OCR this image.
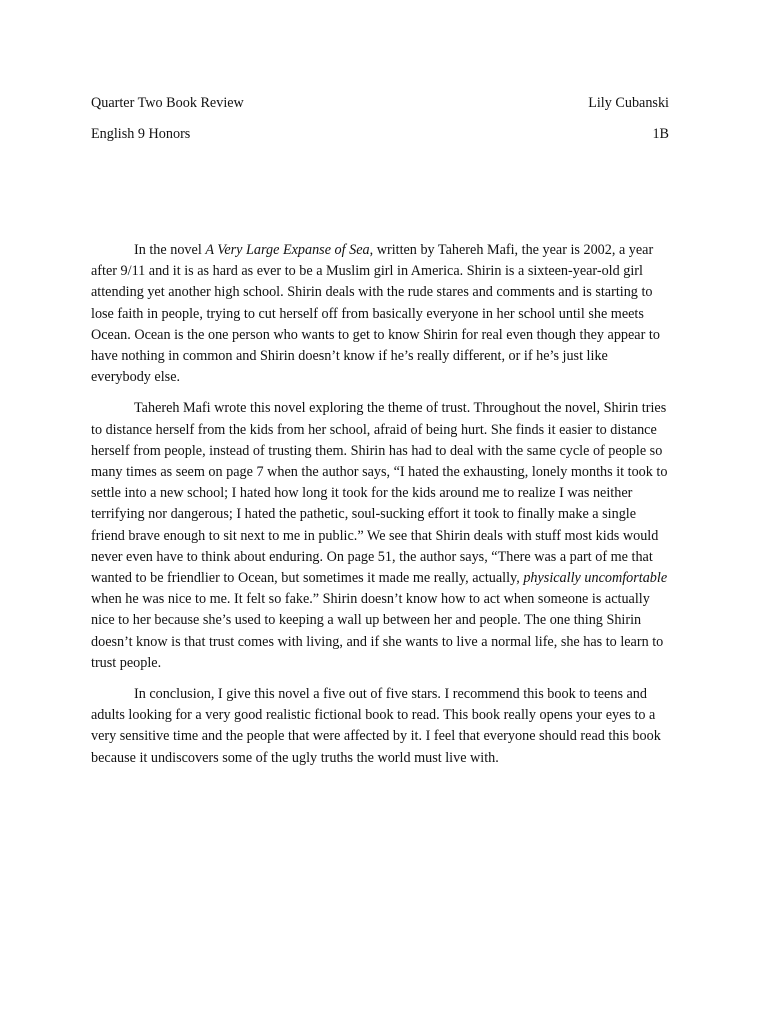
Quarter Two Book Review	Lily Cubanski
English 9 Honors	1B

In the novel A Very Large Expanse of Sea, written by Tahereh Mafi, the year is 2002, a year after 9/11 and it is as hard as ever to be a Muslim girl in America. Shirin is a sixteen-year-old girl attending yet another high school. Shirin deals with the rude stares and comments and is starting to lose faith in people, trying to cut herself off from basically everyone in her school until she meets Ocean. Ocean is the one person who wants to get to know Shirin for real even though they appear to have nothing in common and Shirin doesn’t know if he’s really different, or if he’s just like everybody else.

Tahereh Mafi wrote this novel exploring the theme of trust. Throughout the novel, Shirin tries to distance herself from the kids from her school, afraid of being hurt. She finds it easier to distance herself from people, instead of trusting them. Shirin has had to deal with the same cycle of people so many times as seem on page 7 when the author says, “I hated the exhausting, lonely months it took to settle into a new school; I hated how long it took for the kids around me to realize I was neither terrifying nor dangerous; I hated the pathetic, soul-sucking effort it took to finally make a single friend brave enough to sit next to me in public.” We see that Shirin deals with stuff most kids would never even have to think about enduring. On page 51, the author says, “There was a part of me that wanted to be friendlier to Ocean, but sometimes it made me really, actually, physically uncomfortable when he was nice to me. It felt so fake.” Shirin doesn’t know how to act when someone is actually nice to her because she’s used to keeping a wall up between her and people. The one thing Shirin doesn’t know is that trust comes with living, and if she wants to live a normal life, she has to learn to trust people.

In conclusion, I give this novel a five out of five stars. I recommend this book to teens and adults looking for a very good realistic fictional book to read. This book really opens your eyes to a very sensitive time and the people that were affected by it. I feel that everyone should read this book because it undiscovers some of the ugly truths the world must live with.
